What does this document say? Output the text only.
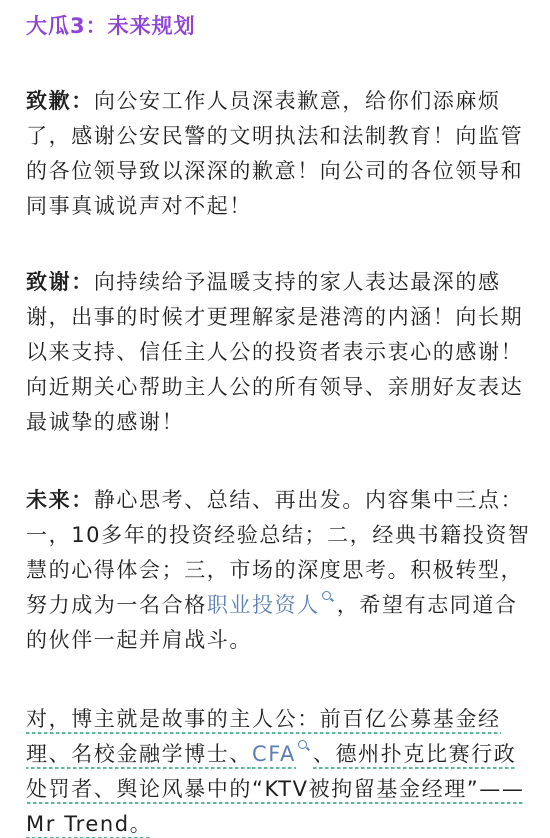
大瓜3：未来规划

致歉：向公安工作人员深表歉意，给你们添麻烦了，感谢公安民警的文明执法和法制教育！向监管的各位领导致以深深的歉意！向公司的各位领导和同事真诚说声对不起！

致谢：向持续给予温暖支持的家人表达最深的感谢，出事的时候才更理解家是港湾的内涵！向长期以来支持、信任主人公的投资者表示衷心的感谢！向近期关心帮助主人公的所有领导、亲朋好友表达最诚挚的感谢！

未来：静心思考、总结、再出发。内容集中三点：一，10多年的投资经验总结；二，经典书籍投资智慧的心得体会；三，市场的深度思考。积极转型，努力成为一名合格职业投资人 ，希望有志同道合的伙伴一起并肩战斗。

对，博主就是故事的主人公：前百亿公募基金经理、名校金融学博士、CFA 、德州扑克比赛行政处罚者、舆论风暴中的“KTV被拘留基金经理”——Mr Trend。
